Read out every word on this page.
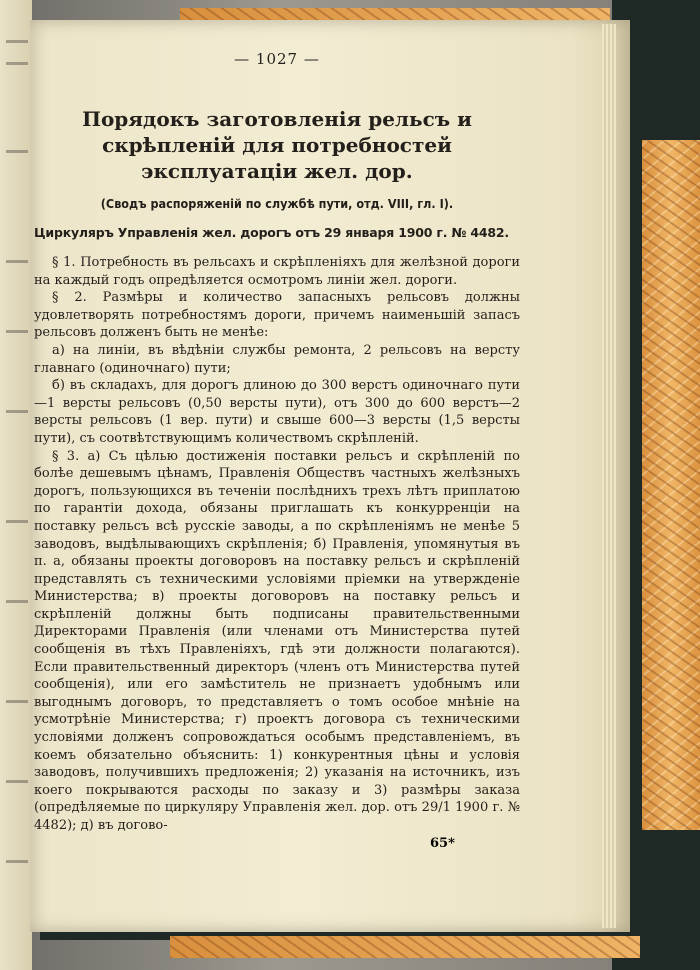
— 1027 —
Порядокъ заготовленія рельсъ и скрѣпленій для потребностей эксплуатаціи жел. дор.
(Сводъ распоряженій по службѣ пути, отд. VIII, гл. I).
Циркуляръ Управленія жел. дорогъ отъ 29 января 1900 г. № 4482.

§ 1. Потребность въ рельсахъ и скрѣпленіяхъ для желѣзной дороги на каждый годъ опредѣляется осмотромъ линіи жел. дороги.

§ 2. Размѣры и количество запасныхъ рельсовъ должны удовлетворять потребностямъ дороги, причемъ наименьшій запасъ рельсовъ долженъ быть не менѣе:

а) на линіи, въ вѣдѣніи службы ремонта, 2 рельсовъ на версту главнаго (одиночнаго) пути;

б) въ складахъ, для дорогъ длиною до 300 верстъ одиночнаго пути—1 версты рельсовъ (0,50 версты пути), отъ 300 до 600 верстъ—2 версты рельсовъ (1 вер. пути) и свыше 600—3 версты (1,5 версты пути), съ соотвѣтствующимъ количествомъ скрѣпленій.

§ 3. а) Съ цѣлью достиженія поставки рельсъ и скрѣпленій по болѣе дешевымъ цѣнамъ, Правленія Обществъ частныхъ желѣзныхъ дорогъ, пользующихся въ теченіи послѣднихъ трехъ лѣтъ приплатою по гарантіи дохода, обязаны приглашать къ конкурренціи на поставку рельсъ всѣ русскіе заводы, а по скрѣпленіямъ не менѣе 5 заводовъ, выдѣлывающихъ скрѣпленія; б) Правленія, упомянутыя въ п. а, обязаны проекты договоровъ на поставку рельсъ и скрѣпленій представлять съ техническими условіями пріемки на утвержденіе Министерства; в) проекты договоровъ на поставку рельсъ и скрѣпленій должны быть подписаны правительственными Директорами Правленія (или членами отъ Министерства путей сообщенія въ тѣхъ Правленіяхъ, гдѣ эти должности полагаются). Если правительственный директоръ (членъ отъ Министерства путей сообщенія), или его замѣститель не признаетъ удобнымъ или выгоднымъ договоръ, то представляетъ о томъ особое мнѣніе на усмотрѣніе Министерства; г) проектъ договора съ техническими условіями долженъ сопровождаться особымъ представленіемъ, въ коемъ обязательно объяснить: 1) конкурентныя цѣны и условія заводовъ, получившихъ предложенія; 2) указанія на источникъ, изъ коего покрываются расходы по заказу и 3) размѣры заказа (опредѣляемые по циркуляру Управленія жел. дор. отъ 29/1 1900 г. № 4482); д) въ догово-

65*
